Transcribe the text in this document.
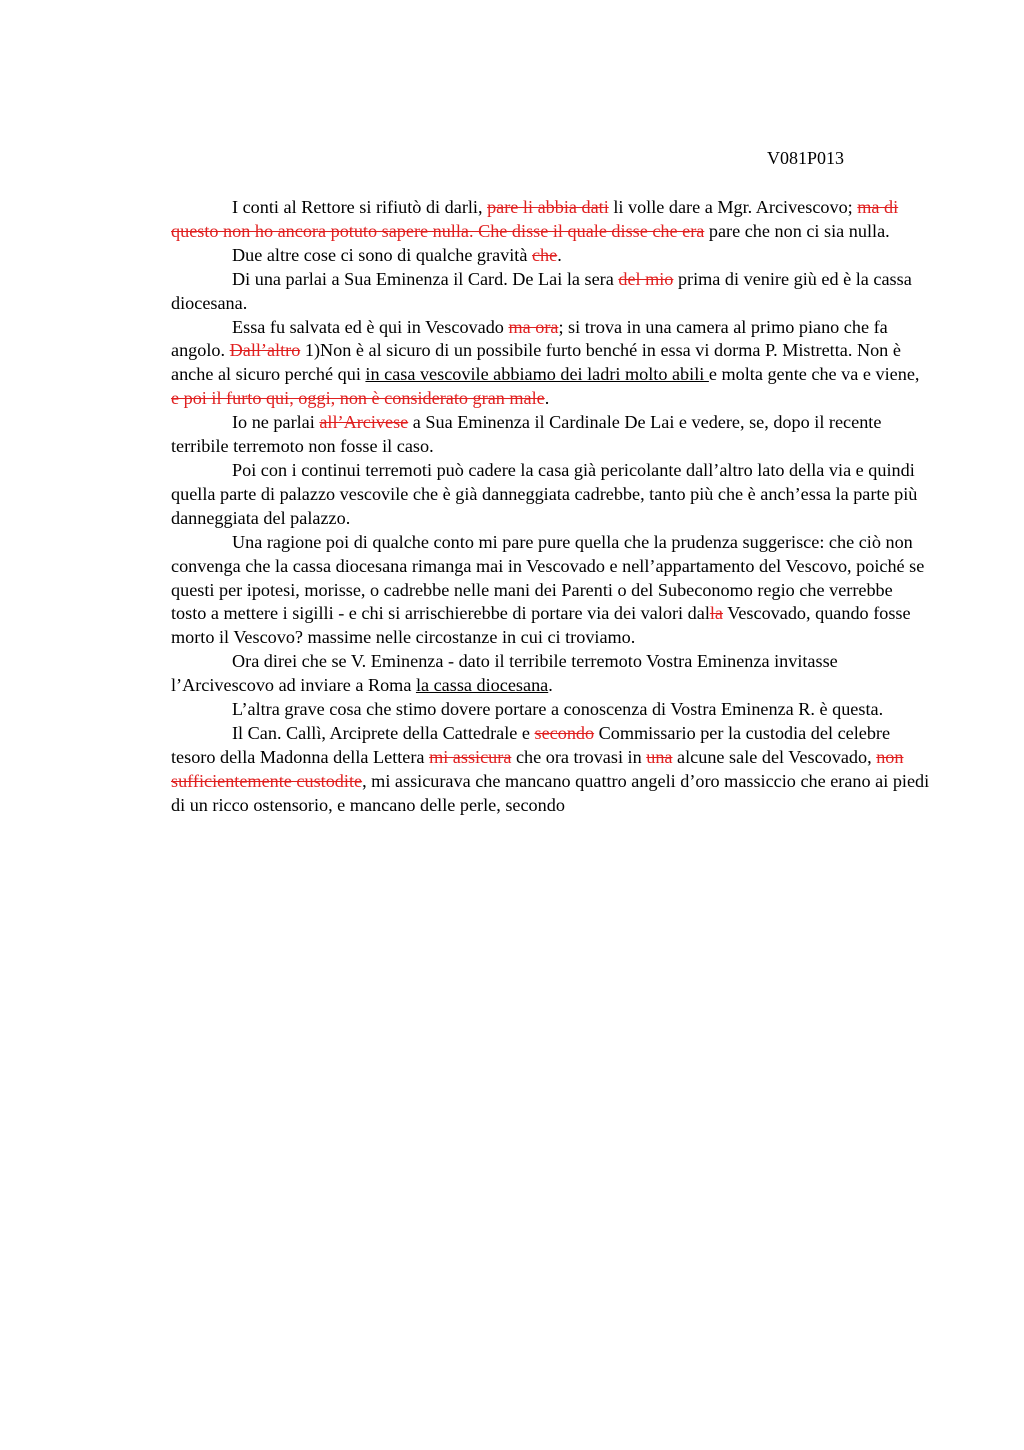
V081P013

I conti al Rettore si rifiutò di darli, pare li abbia dati li volle dare a Mgr. Arcivescovo; ma di questo non ho ancora potuto sapere nulla. Che disse il quale disse che era pare che non ci sia nulla.

Due altre cose ci sono di qualche gravità che.

Di una parlai a Sua Eminenza il Card. De Lai la sera del mio prima di venire giù ed è la cassa diocesana.

Essa fu salvata ed è qui in Vescovado ma ora; si trova in una camera al primo piano che fa angolo. Dall’altro 1)Non è al sicuro di un possibile furto benché in essa vi dorma P. Mistretta. Non è anche al sicuro perché qui in casa vescovile abbiamo dei ladri molto abili e molta gente che va e viene, e poi il furto qui, oggi, non è considerato gran male.

Io ne parlai all’Arcivese a Sua Eminenza il Cardinale De Lai e vedere, se, dopo il recente terribile terremoto non fosse il caso.

Poi con i continui terremoti può cadere la casa già pericolante dall’altro lato della via e quindi quella parte di palazzo vescovile che è già danneggiata cadrebbe, tanto più che è anch’essa la parte più danneggiata del palazzo.

Una ragione poi di qualche conto mi pare pure quella che la prudenza suggerisce: che ciò non convenga che la cassa diocesana rimanga mai in Vescovado e nell’appartamento del Vescovo, poiché se questi per ipotesi, morisse, o cadrebbe nelle mani dei Parenti o del Subeconomo regio che verrebbe tosto a mettere i sigilli - e chi si arrischierebbe di portare via dei valori dalla Vescovado, quando fosse morto il Vescovo? massime nelle circostanze in cui ci troviamo.

Ora direi che se V. Eminenza - dato il terribile terremoto Vostra Eminenza invitasse l’Arcivescovo ad inviare a Roma la cassa diocesana.

L’altra grave cosa che stimo dovere portare a conoscenza di Vostra Eminenza R. è questa.

Il Can. Callì, Arciprete della Cattedrale e secondo Commissario per la custodia del celebre tesoro della Madonna della Lettera mi assicura che ora trovasi in una alcune sale del Vescovado, non sufficientemente custodite, mi assicurava che mancano quattro angeli d’oro massiccio che erano ai piedi di un ricco ostensorio, e mancano delle perle, secondo
